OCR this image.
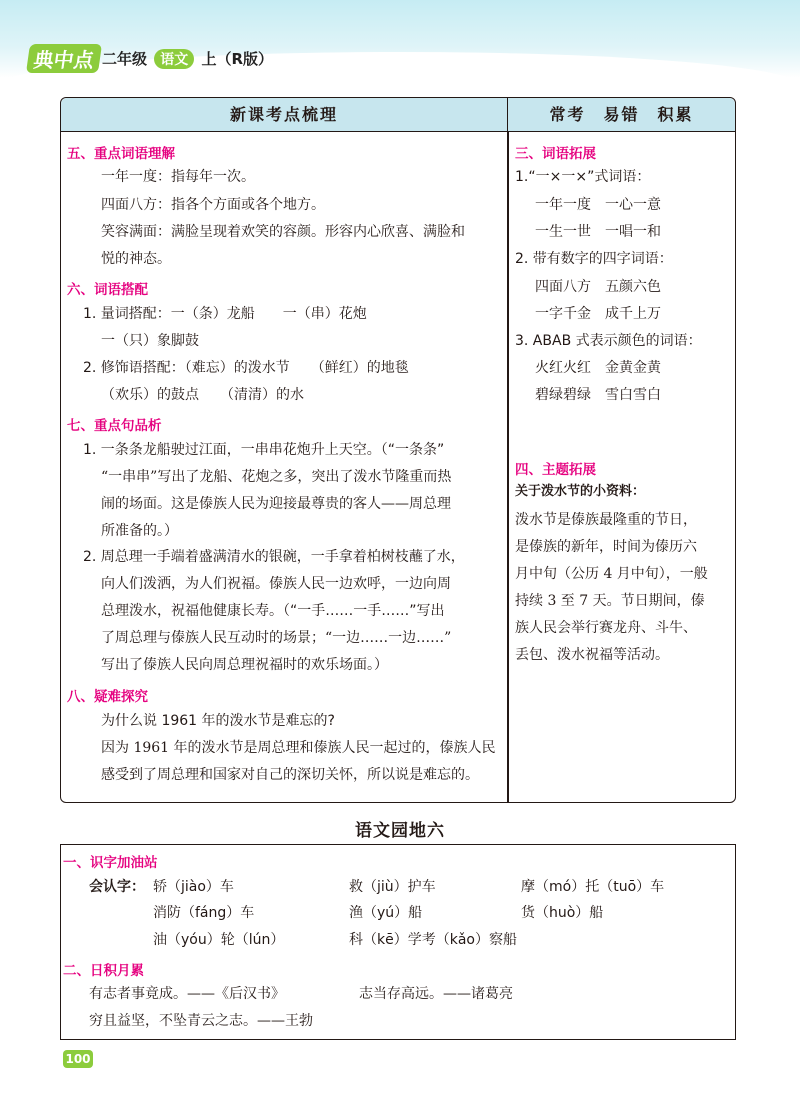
典中点 二年级 语文 上（R版）
新课考点梳理	常考　易错　积累
五、重点词语理解
一年一度：指每年一次。
四面八方：指各个方面或各个地方。
笑容满面：满脸呈现着欢笑的容颜。形容内心欣喜、满脸和
悦的神态。
六、词语搭配
1. 量词搭配：一（条）龙船　　一（串）花炮
一（只）象脚鼓
2. 修饰语搭配：（难忘）的泼水节　　（鲜红）的地毯
（欢乐）的鼓点　　（清清）的水
七、重点句品析
1. 一条条龙船驶过江面，一串串花炮升上天空。（“一条条”
“一串串”写出了龙船、花炮之多，突出了泼水节隆重而热
闹的场面。这是傣族人民为迎接最尊贵的客人——周总理
所准备的。）
2. 周总理一手端着盛满清水的银碗，一手拿着柏树枝蘸了水，
向人们泼洒，为人们祝福。傣族人民一边欢呼，一边向周
总理泼水，祝福他健康长寿。（“一手……一手……”写出
了周总理与傣族人民互动时的场景；“一边……一边……”
写出了傣族人民向周总理祝福时的欢乐场面。）
八、疑难探究
为什么说 1961 年的泼水节是难忘的?
因为 1961 年的泼水节是周总理和傣族人民一起过的，傣族人民
感受到了周总理和国家对自己的深切关怀，所以说是难忘的。
三、词语拓展
1.“一×一×”式词语：
一年一度　一心一意
一生一世　一唱一和
2. 带有数字的四字词语：
四面八方　五颜六色
一字千金　成千上万
3. ABAB 式表示颜色的词语：
火红火红　金黄金黄
碧绿碧绿　雪白雪白
四、主题拓展
关于泼水节的小资料：
泼水节是傣族最隆重的节日，
是傣族的新年，时间为傣历六
月中旬（公历 4 月中旬），一般
持续 3 至 7 天。节日期间，傣
族人民会举行赛龙舟、斗牛、
丢包、泼水祝福等活动。
语文园地六
一、识字加油站
会认字： 轿（jiào）车	救（jiù）护车	摩（mó）托（tuō）车
消防（fáng）车	渔（yú）船	货（huò）船
油（yóu）轮（lún）	科（kē）学考（kǎo）察船
二、日积月累
有志者事竟成。——《后汉书》	志当存高远。——诸葛亮
穷且益坚，不坠青云之志。——王勃
100
